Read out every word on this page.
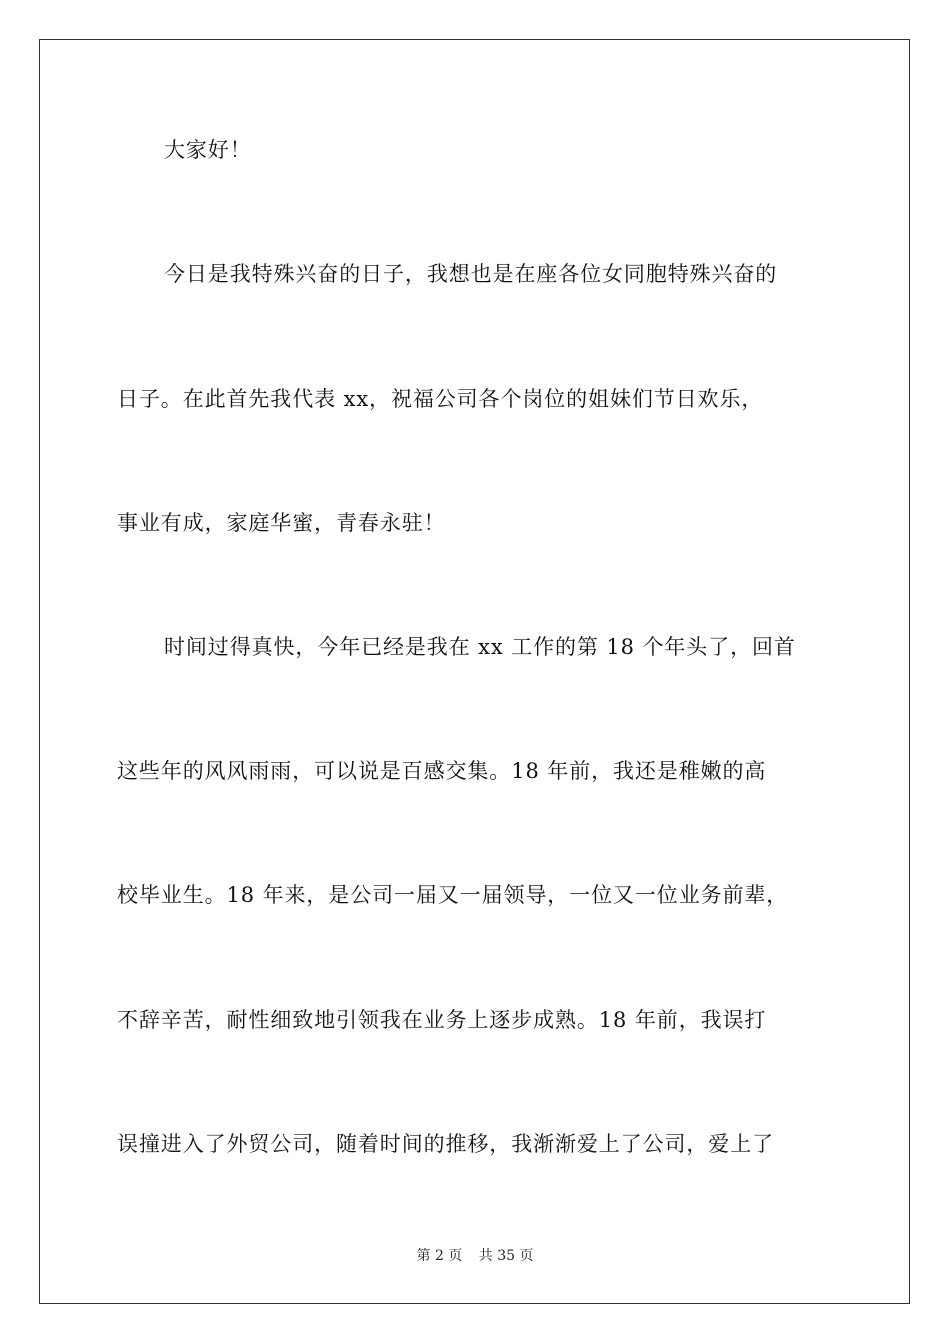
大家好！
今日是我特殊兴奋的日子，我想也是在座各位女同胞特殊兴奋的
日子。在此首先我代表 xx，祝福公司各个岗位的姐妹们节日欢乐，
事业有成，家庭华蜜，青春永驻！
时间过得真快，今年已经是我在 xx 工作的第 18 个年头了，回首
这些年的风风雨雨，可以说是百感交集。18 年前，我还是稚嫩的高
校毕业生。18 年来，是公司一届又一届领导，一位又一位业务前辈，
不辞辛苦，耐性细致地引领我在业务上逐步成熟。18 年前，我误打
误撞进入了外贸公司，随着时间的推移，我渐渐爱上了公司，爱上了
第 2 页 共 35 页
